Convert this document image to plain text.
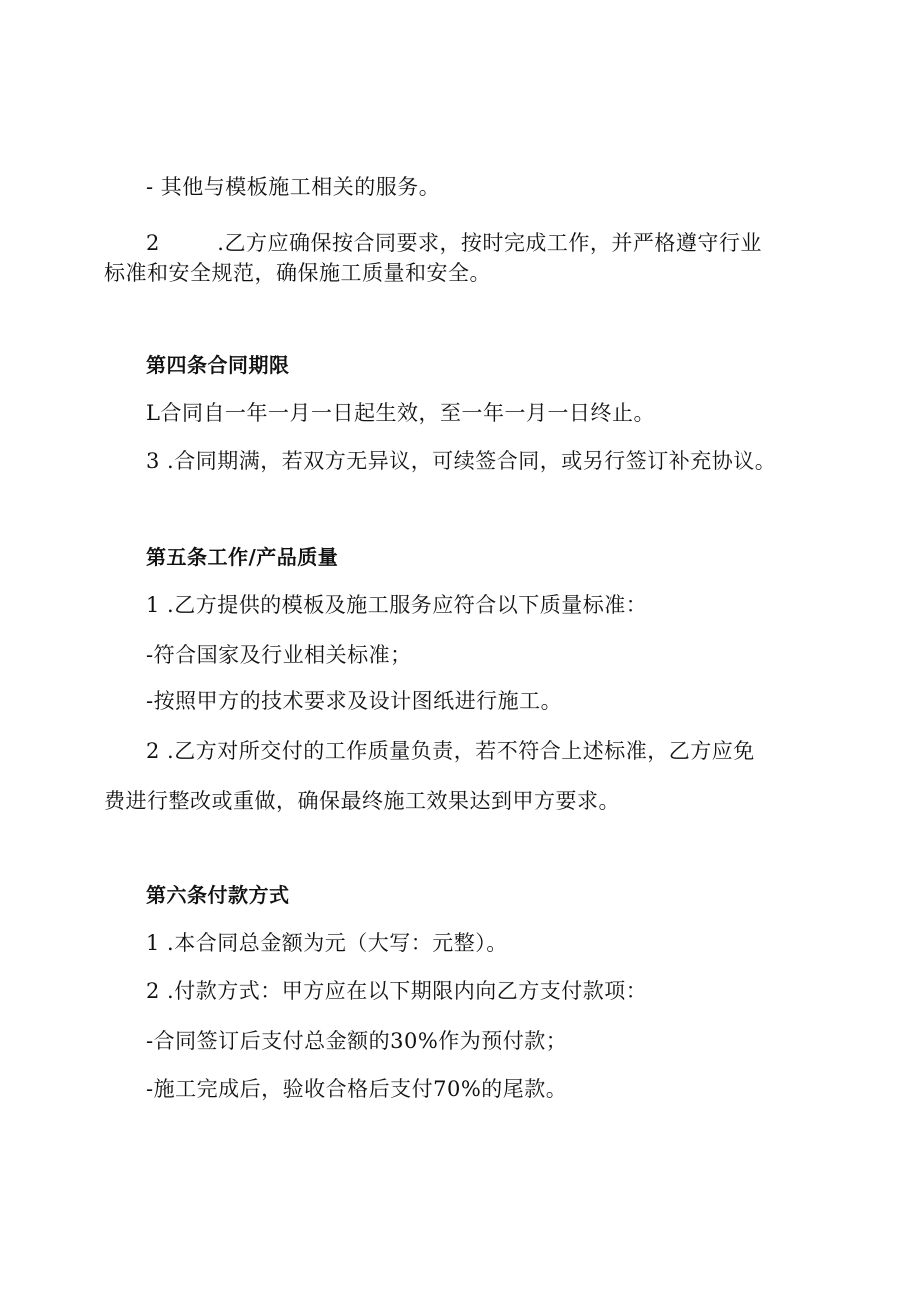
- 其他与模板施工相关的服务。
2        .乙方应确保按合同要求，按时完成工作，并严格遵守行业
标准和安全规范，确保施工质量和安全。
第四条合同期限
L合同自一年一月一日起生效，至一年一月一日终止。
3 .合同期满，若双方无异议，可续签合同，或另行签订补充协议。
第五条工作/产品质量
1 .乙方提供的模板及施工服务应符合以下质量标准：
-符合国家及行业相关标准；
-按照甲方的技术要求及设计图纸进行施工。
2 .乙方对所交付的工作质量负责，若不符合上述标准，乙方应免
费进行整改或重做，确保最终施工效果达到甲方要求。
第六条付款方式
1 .本合同总金额为元（大写：元整）。
2 .付款方式：甲方应在以下期限内向乙方支付款项：
-合同签订后支付总金额的30%作为预付款；
-施工完成后，验收合格后支付70%的尾款。
